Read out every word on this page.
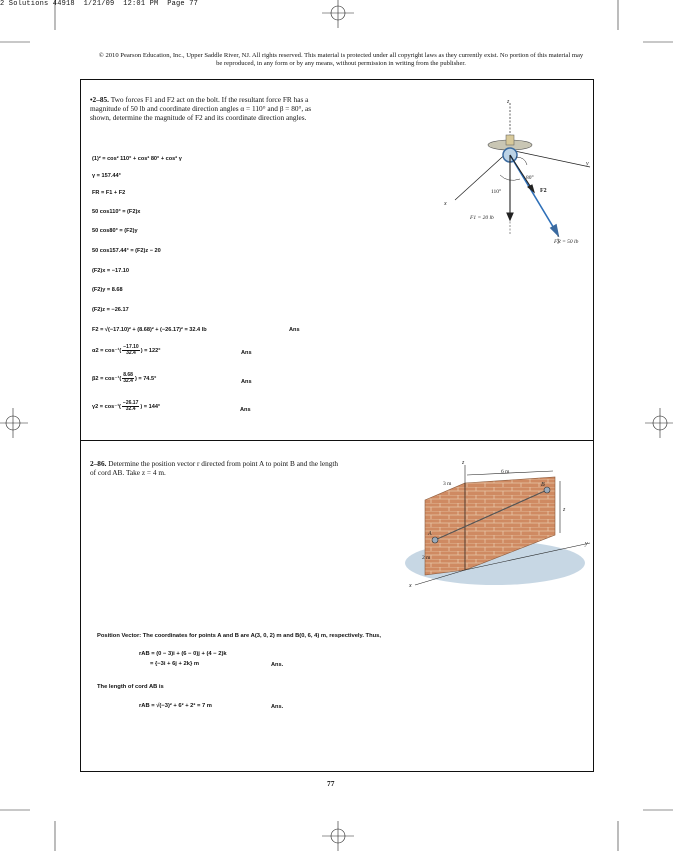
2 Solutions 44918  1/21/09  12:01 PM  Page 77
© 2010 Pearson Education, Inc., Upper Saddle River, NJ. All rights reserved. This material is protected under all copyright laws as they currently exist. No portion of this material may be reproduced, in any form or by any means, without permission in writing from the publisher.
•2–85. Two forces F1 and F2 act on the bolt. If the resultant force FR has a magnitude of 50 lb and coordinate direction angles α = 110° and β = 80°, as shown, determine the magnitude of F2 and its coordinate direction angles.
(1)² = cos² 110° + cos² 80° + cos² γ
γ = 157.44°
FR = F1 + F2
50 cos110° = (F2)x
50 cos80° = (F2)y
50 cos157.44° = (F2)z − 20
(F2)x = −17.10
(F2)y = 8.68
(F2)z = −26.17
F2 = √(−17.10)² + (8.68)² + (−26.17)² = 32.4 lb	Ans
$\alpha 2 = \cos^{-1}( \frac{-17.10}{32.4}$ ) = 122°	Ans
$\beta 2 = \cos^{-1}( \frac{8.68}{32.4}$ ) = 74.5°
Ans
$\gamma 2 = \cos^{-1}( \frac{-26.17}{32.4}$ ) = 144°
Ans
z
y
x
110°
80°
F2
F1 = 20 lb
FR = 50 lb
2–86. Determine the position vector r directed from point A to point B and the length of cord AB. Take z = 4 m.
z
y
x
6 m
3 m
2 m
A
B
z
Position Vector: The coordinates for points A and B are A(3, 0, 2) m and B(0, 6, 4) m, respectively. Thus,
rAB = (0 − 3)i + (6 − 0)j + (4 − 2)k
= {−3i + 6j + 2k} m	Ans.
The length of cord AB is
rAB = √(−3)² + 6² + 2² = 7 m	Ans.
77
